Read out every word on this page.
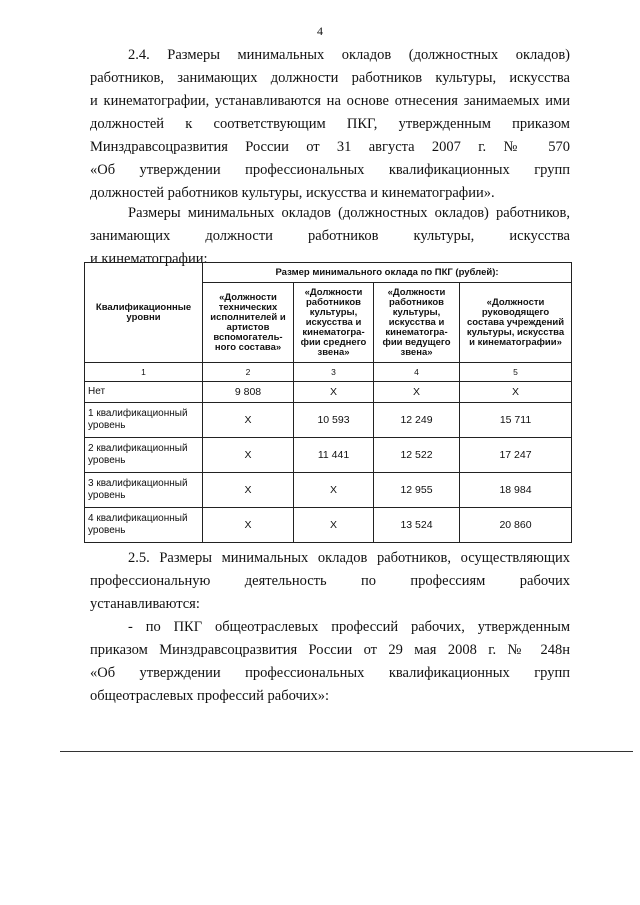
4

2.4. Размеры минимальных окладов (должностных окладов)
работников, занимающих должности работников культуры, искусства
и кинематографии, устанавливаются на основе отнесения занимаемых ими
должностей к соответствующим ПКГ, утвержденным приказом
Минздравсоцразвития России от 31 августа 2007 г. № 570
«Об утверждении профессиональных квалификационных групп
должностей работников культуры, искусства и кинематографии».

Размеры минимальных окладов (должностных окладов) работников,
занимающих должности работников культуры, искусства
и кинематографии:

Квалификационные уровни	Размер минимального оклада по ПКГ (рублей):			
	«Должности технических исполнителей и артистов вспомогатель-ного состава»	«Должности работников культуры, искусства и кинематогра-фии среднего звена»	«Должности работников культуры, искусства и кинематогра-фии ведущего звена»	«Должности руководящего состава учреждений культуры, искусства и кинематографии»
1	2	3	4	5
Нет	9 808	Х	Х	Х
1 квалификационный уровень	Х	10 593	12 249	15 711
2 квалификационный уровень	Х	11 441	12 522	17 247
3 квалификационный уровень	Х	Х	12 955	18 984
4 квалификационный уровень	Х	Х	13 524	20 860

2.5. Размеры минимальных окладов работников, осуществляющих
профессиональную деятельность по профессиям рабочих
устанавливаются:

- по ПКГ общеотраслевых профессий рабочих, утвержденным
приказом Минздравсоцразвития России от 29 мая 2008 г. № 248н
«Об утверждении профессиональных квалификационных групп
общеотраслевых профессий рабочих»:
